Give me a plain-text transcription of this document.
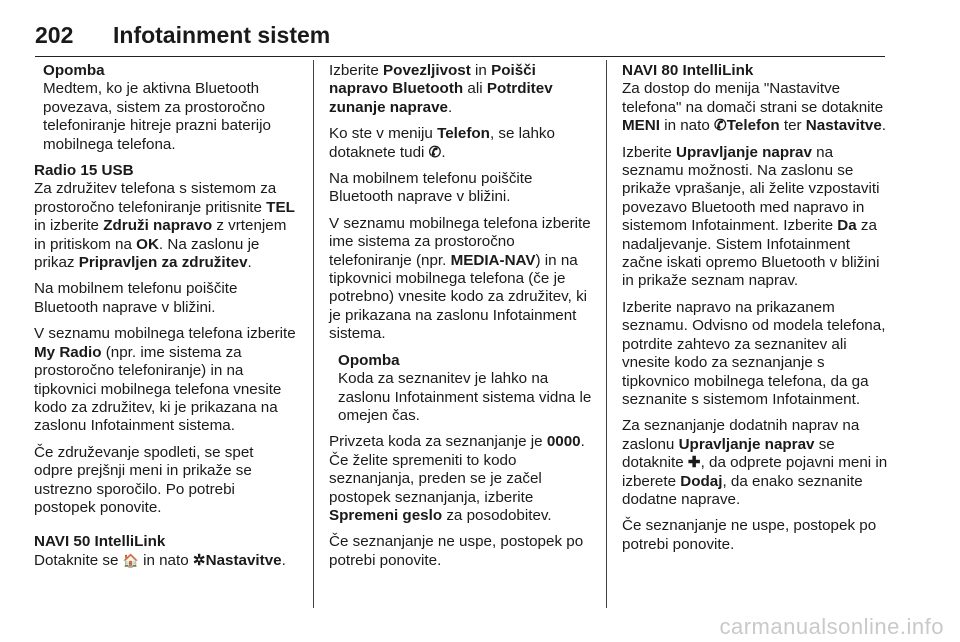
202 Infotainment sistem
Opomba
Medtem, ko je aktivna Bluetooth povezava, sistem za prostoročno telefoniranje hitreje prazni baterijo mobilnega telefona.
Radio 15 USB

Za združitev telefona s sistemom za prostoročno telefoniranje pritisnite TEL in izberite Združi napravo z vrtenjem in pritiskom na OK. Na zaslonu je prikaz Pripravljen za združitev.

Na mobilnem telefonu poiščite Bluetooth naprave v bližini.

V seznamu mobilnega telefona izberite My Radio (npr. ime sistema za prostoročno telefoniranje) in na tipkovnici mobilnega telefona vnesite kodo za združitev, ki je prikazana na zaslonu Infotainment sistema.

Če združevanje spodleti, se spet odpre prejšnji meni in prikaže se ustrezno sporočilo. Po potrebi postopek ponovite.

NAVI 50 IntelliLink

Dotaknite se 🏠 in nato ✲Nastavitve.

Izberite Povezljivost in Poišči napravo Bluetooth ali Potrditev zunanje naprave.

Ko ste v meniju Telefon, se lahko dotaknete tudi ✆.

Na mobilnem telefonu poiščite Bluetooth naprave v bližini.

V seznamu mobilnega telefona izberite ime sistema za prostoročno telefoniranje (npr. MEDIA-NAV) in na tipkovnici mobilnega telefona (če je potrebno) vnesite kodo za združitev, ki je prikazana na zaslonu Infotainment sistema.

Opomba
Koda za seznanitev je lahko na zaslonu Infotainment sistema vidna le omejen čas.

Privzeta koda za seznanjanje je 0000. Če želite spremeniti to kodo seznanjanja, preden se je začel postopek seznanjanja, izberite Spremeni geslo za posodobitev.

Če seznanjanje ne uspe, postopek po potrebi ponovite.

NAVI 80 IntelliLink

Za dostop do menija "Nastavitve telefona" na domači strani se dotaknite MENI in nato ✆Telefon ter Nastavitve.

Izberite Upravljanje naprav na seznamu možnosti. Na zaslonu se prikaže vprašanje, ali želite vzpostaviti povezavo Bluetooth med napravo in sistemom Infotainment. Izberite Da za nadaljevanje. Sistem Infotainment začne iskati opremo Bluetooth v bližini in prikaže seznam naprav.

Izberite napravo na prikazanem seznamu. Odvisno od modela telefona, potrdite zahtevo za seznanitev ali vnesite kodo za seznanjanje s tipkovnico mobilnega telefona, da ga seznanite s sistemom Infotainment.

Za seznanjanje dodatnih naprav na zaslonu Upravljanje naprav se dotaknite ✚, da odprete pojavni meni in izberete Dodaj, da enako seznanite dodatne naprave.

Če seznanjanje ne uspe, postopek po potrebi ponovite.

carmanualsonline.info
